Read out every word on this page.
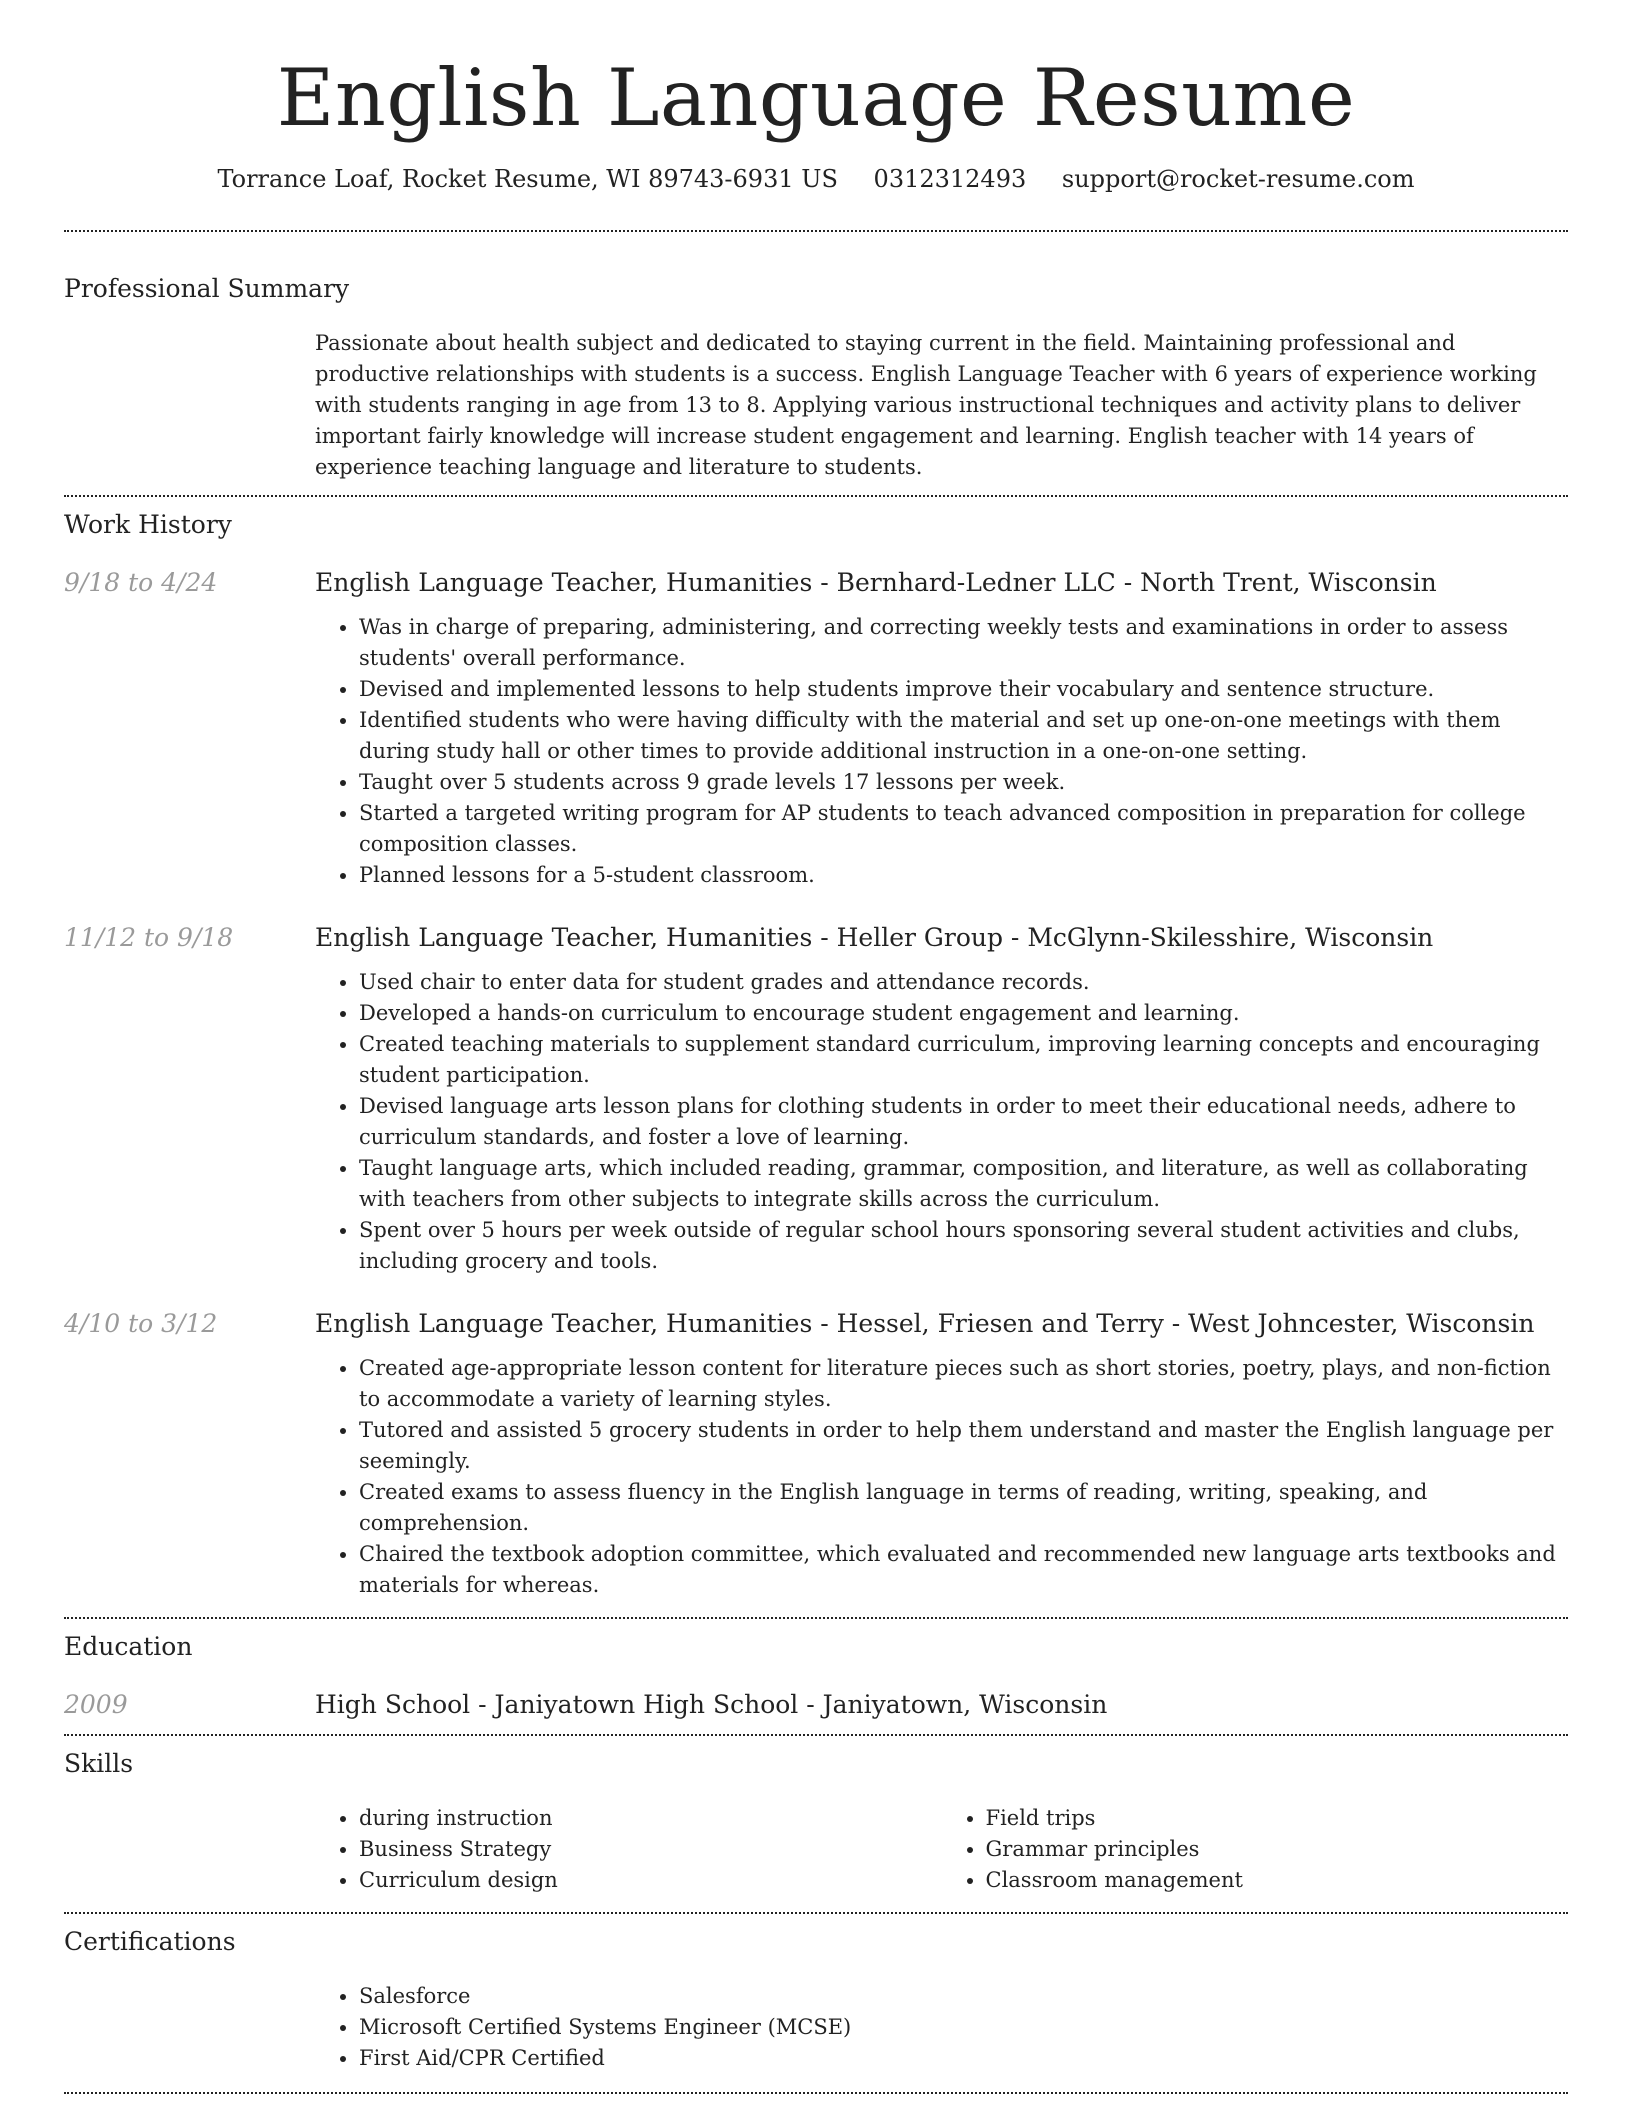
English Language Resume
Torrance Loaf, Rocket Resume, WI 89743-6931 US 0312312493 support@rocket-resume.com
Professional Summary
Passionate about health subject and dedicated to staying current in the field. Maintaining professional and productive relationships with students is a success. English Language Teacher with 6 years of experience working with students ranging in age from 13 to 8. Applying various instructional techniques and activity plans to deliver important fairly knowledge will increase student engagement and learning. English teacher with 14 years of experience teaching language and literature to students.
Work History
9/18 to 4/24	English Language Teacher, Humanities - Bernhard-Ledner LLC - North Trent, Wisconsin
• Was in charge of preparing, administering, and correcting weekly tests and examinations in order to assess students' overall performance.
• Devised and implemented lessons to help students improve their vocabulary and sentence structure.
• Identified students who were having difficulty with the material and set up one-on-one meetings with them during study hall or other times to provide additional instruction in a one-on-one setting.
• Taught over 5 students across 9 grade levels 17 lessons per week.
• Started a targeted writing program for AP students to teach advanced composition in preparation for college composition classes.
• Planned lessons for a 5-student classroom.
11/12 to 9/18	English Language Teacher, Humanities - Heller Group - McGlynn-Skilesshire, Wisconsin
• Used chair to enter data for student grades and attendance records.
• Developed a hands-on curriculum to encourage student engagement and learning.
• Created teaching materials to supplement standard curriculum, improving learning concepts and encouraging student participation.
• Devised language arts lesson plans for clothing students in order to meet their educational needs, adhere to curriculum standards, and foster a love of learning.
• Taught language arts, which included reading, grammar, composition, and literature, as well as collaborating with teachers from other subjects to integrate skills across the curriculum.
• Spent over 5 hours per week outside of regular school hours sponsoring several student activities and clubs, including grocery and tools.
4/10 to 3/12	English Language Teacher, Humanities - Hessel, Friesen and Terry - West Johncester, Wisconsin
• Created age-appropriate lesson content for literature pieces such as short stories, poetry, plays, and non-fiction to accommodate a variety of learning styles.
• Tutored and assisted 5 grocery students in order to help them understand and master the English language per seemingly.
• Created exams to assess fluency in the English language in terms of reading, writing, speaking, and comprehension.
• Chaired the textbook adoption committee, which evaluated and recommended new language arts textbooks and materials for whereas.
Education
2009	High School - Janiyatown High School - Janiyatown, Wisconsin
Skills
• during instruction
• Business Strategy
• Curriculum design
• Field trips
• Grammar principles
• Classroom management
Certifications
• Salesforce
• Microsoft Certified Systems Engineer (MCSE)
• First Aid/CPR Certified
